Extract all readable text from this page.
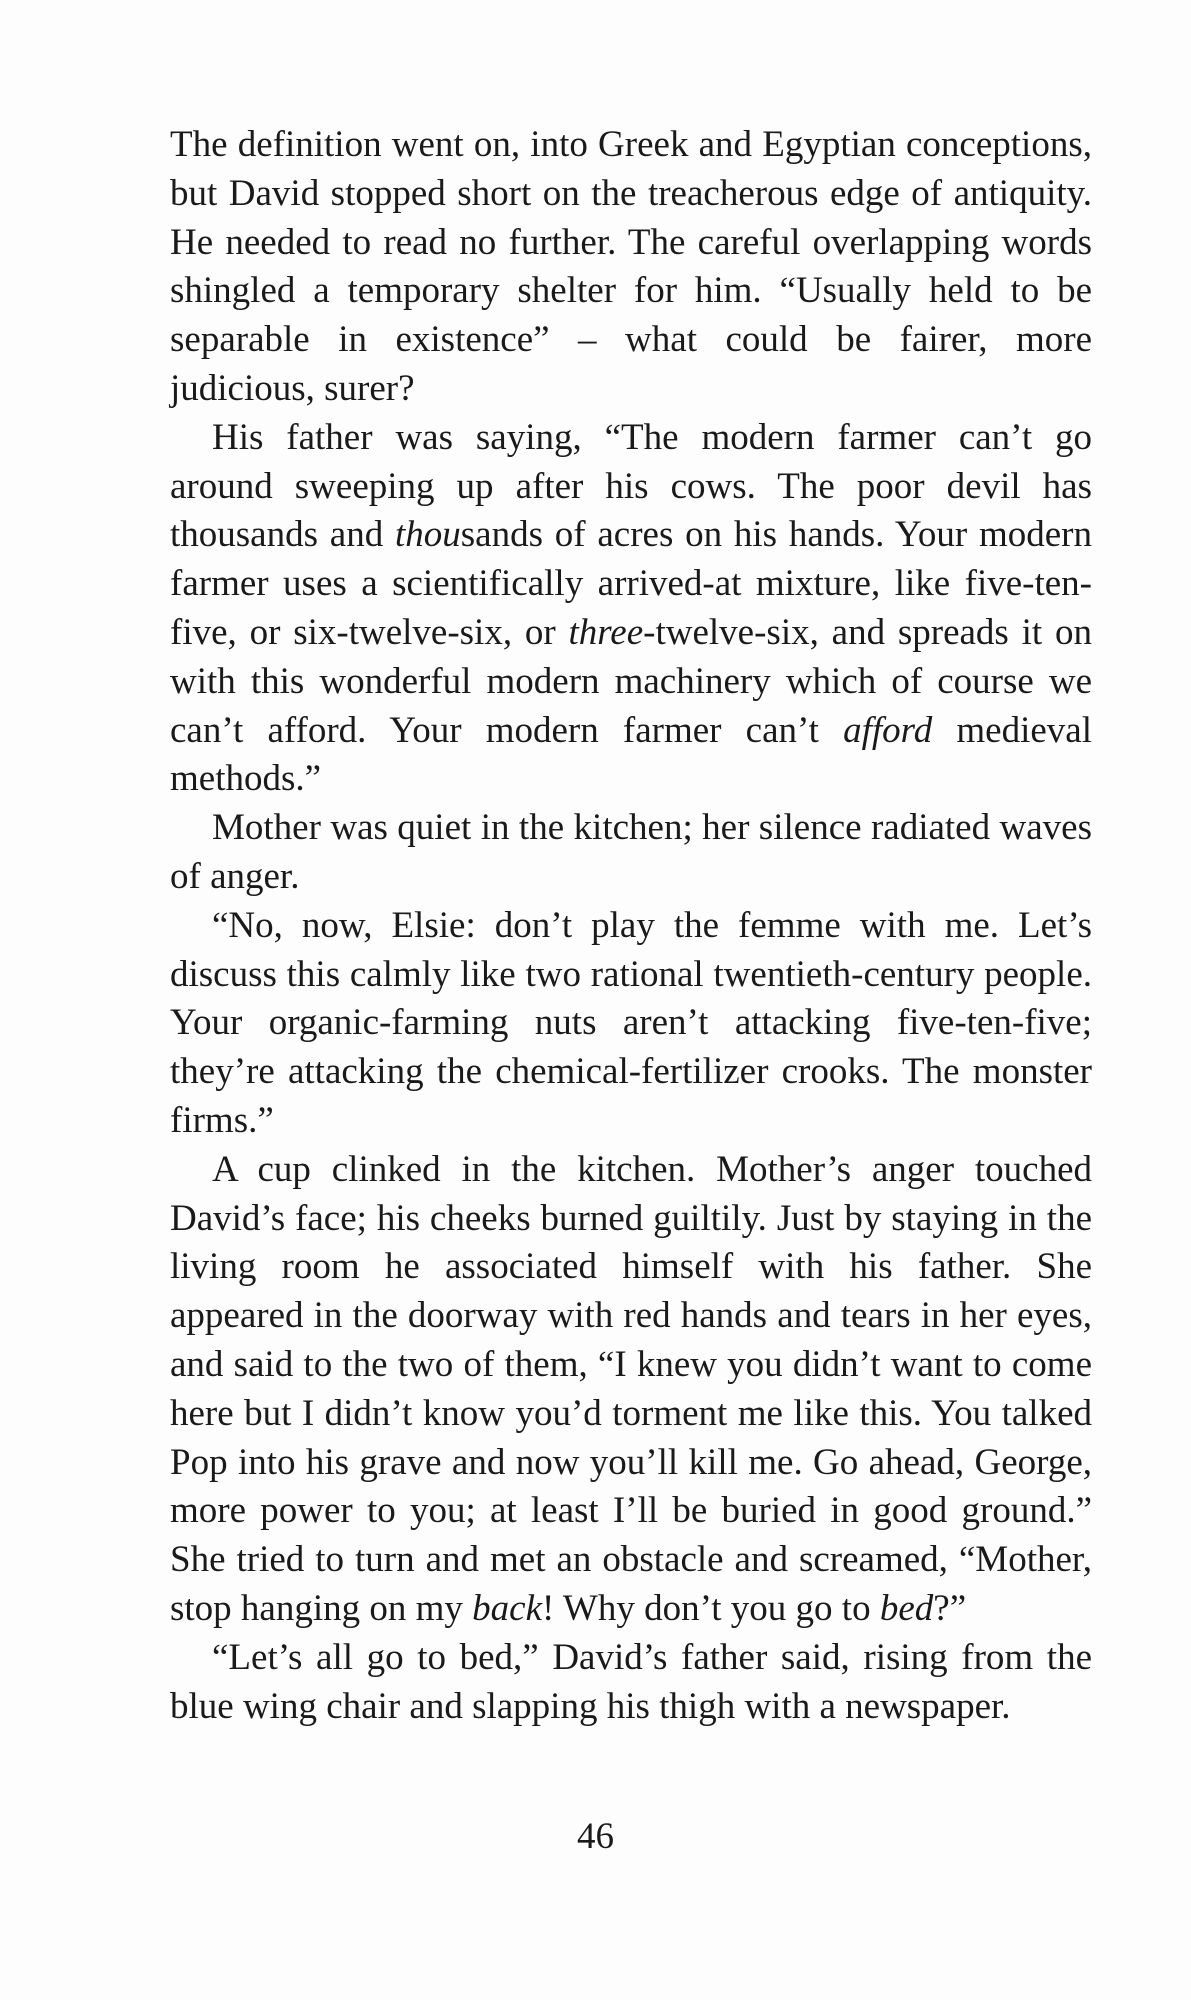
The definition went on, into Greek and Egyptian conceptions, but David stopped short on the treacherous edge of antiquity. He needed to read no further. The careful overlapping words shingled a temporary shelter for him. “Usually held to be separable in existence” – what could be fairer, more judicious, surer?

His father was saying, “The modern farmer can’t go around sweeping up after his cows. The poor devil has thousands and thousands of acres on his hands. Your modern farmer uses a scientifically arrived-at mixture, like five-ten-five, or six-twelve-six, or three-twelve-six, and spreads it on with this wonderful modern machinery which of course we can’t afford. Your modern farmer can’t afford medieval methods.”

Mother was quiet in the kitchen; her silence radiated waves of anger.

“No, now, Elsie: don’t play the femme with me. Let’s discuss this calmly like two rational twentieth-century people. Your organic-farming nuts aren’t attacking five-ten-five; they’re attacking the chemical-fertilizer crooks. The monster firms.”

A cup clinked in the kitchen. Mother’s anger touched David’s face; his cheeks burned guiltily. Just by staying in the living room he associated himself with his father. She appeared in the doorway with red hands and tears in her eyes, and said to the two of them, “I knew you didn’t want to come here but I didn’t know you’d torment me like this. You talked Pop into his grave and now you’ll kill me. Go ahead, George, more power to you; at least I’ll be buried in good ground.” She tried to turn and met an obstacle and screamed, “Mother, stop hanging on my back! Why don’t you go to bed?”

“Let’s all go to bed,” David’s father said, rising from the blue wing chair and slapping his thigh with a newspaper.

46
